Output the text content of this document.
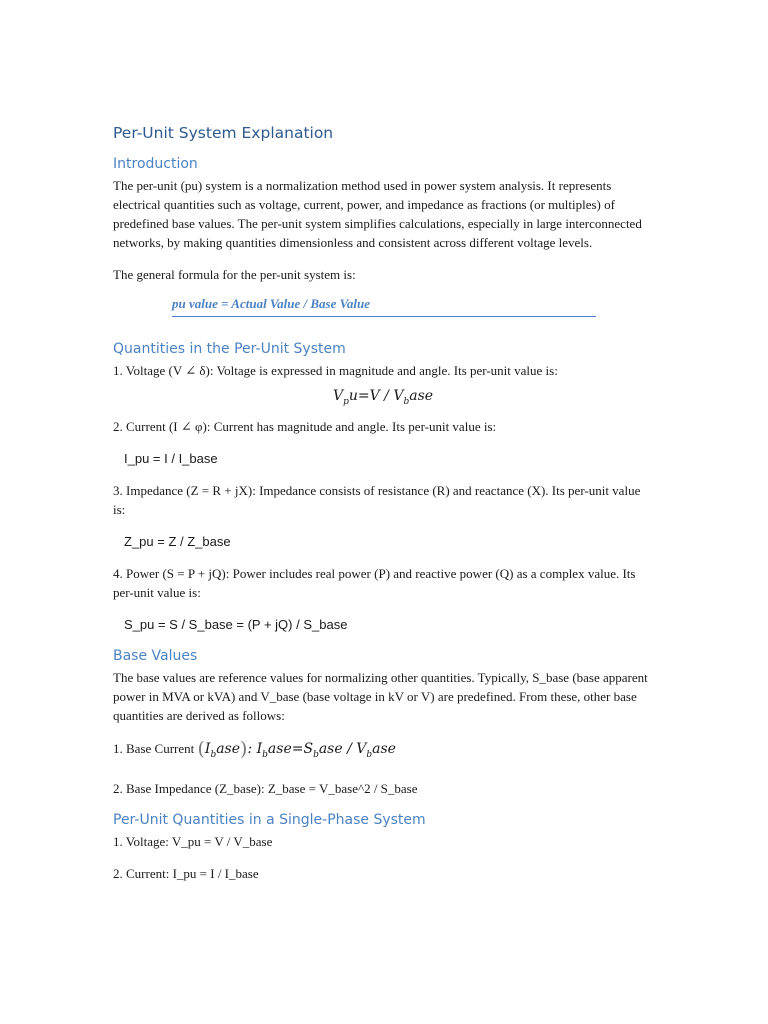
Per-Unit System Explanation
Introduction

The per-unit (pu) system is a normalization method used in power system analysis. It represents electrical quantities such as voltage, current, power, and impedance as fractions (or multiples) of predefined base values. The per-unit system simplifies calculations, especially in large interconnected networks, by making quantities dimensionless and consistent across different voltage levels.

The general formula for the per-unit system is:

pu value = Actual Value / Base Value
Quantities in the Per-Unit System

1. Voltage (V ∠ δ): Voltage is expressed in magnitude and angle. Its per-unit value is:

$V_pu=V / V_base$

2. Current (I ∠ φ): Current has magnitude and angle. Its per-unit value is:

I_pu = I / I_base

3. Impedance (Z = R + jX): Impedance consists of resistance (R) and reactance (X). Its per-unit value is:

Z_pu = Z / Z_base

4. Power (S = P + jQ): Power includes real power (P) and reactive power (Q) as a complex value. Its per-unit value is:

S_pu = S / S_base = (P + jQ) / S_base

Base Values

The base values are reference values for normalizing other quantities. Typically, S_base (base apparent power in MVA or kVA) and V_base (base voltage in kV or V) are predefined. From these, other base quantities are derived as follows:

1. Base Current $(I_base)$: $I_base=S_base / V_base$

2. Base Impedance (Z_base): Z_base = V_base^2 / S_base

Per-Unit Quantities in a Single-Phase System

1. Voltage: V_pu = V / V_base

2. Current: I_pu = I / I_base
